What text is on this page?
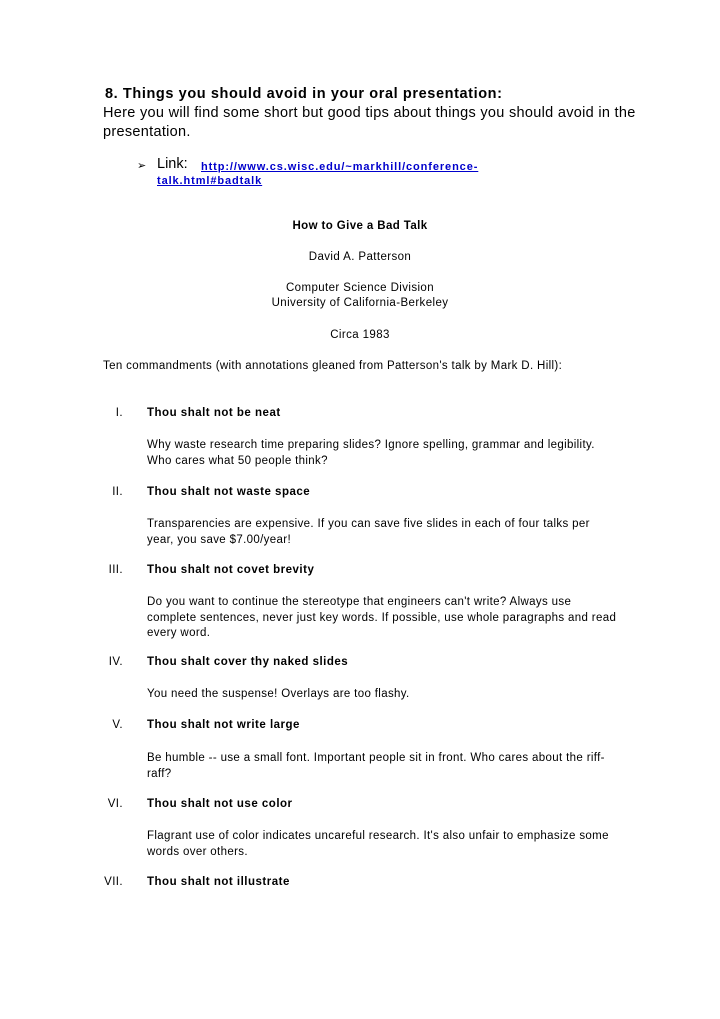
8. Things you should avoid in your oral presentation:
Here you will find some short but good tips about things you should avoid in the presentation.
➢ Link: http://www.cs.wisc.edu/~markhill/conference-
talk.html#badtalk
How to Give a Bad Talk
David A. Patterson
Computer Science Division
University of California-Berkeley
Circa 1983
Ten commandments (with annotations gleaned from Patterson's talk by Mark D. Hill):
I. Thou shalt not be neat
Why waste research time preparing slides? Ignore spelling, grammar and legibility. Who cares what 50 people think?
II. Thou shalt not waste space
Transparencies are expensive. If you can save five slides in each of four talks per year, you save $7.00/year!
III. Thou shalt not covet brevity
Do you want to continue the stereotype that engineers can't write? Always use complete sentences, never just key words. If possible, use whole paragraphs and read every word.
IV. Thou shalt cover thy naked slides
You need the suspense! Overlays are too flashy.
V. Thou shalt not write large
Be humble -- use a small font. Important people sit in front. Who cares about the riff-raff?
VI. Thou shalt not use color
Flagrant use of color indicates uncareful research. It's also unfair to emphasize some words over others.
VII. Thou shalt not illustrate
